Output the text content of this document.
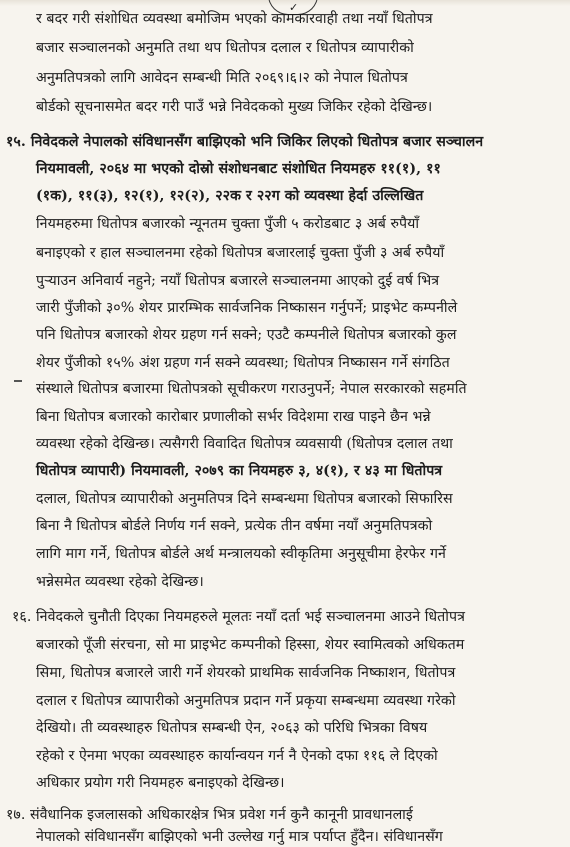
✓
र बदर गरी संशोधित व्यवस्था बमोजिम भएको कामकारवाही तथा नयाँ धितोपत्र
बजार सञ्चालनको अनुमति तथा थप धितोपत्र दलाल र धितोपत्र व्यापारीको
अनुमतिपत्रको लागि आवेदन सम्बन्धी मिति २०६९।६।२ को नेपाल धितोपत्र
बोर्डको सूचनासमेत बदर गरी पाउँ भन्ने निवेदकको मुख्य जिकिर रहेको देखिन्छ।
१५. निवेदकले नेपालको संविधानसँग बाझिएको भनि जिकिर लिएको धितोपत्र बजार सञ्चालन
नियमावली, २०६४ मा भएको दोस्रो संशोधनबाट संशोधित नियमहरु ११(१), ११
(१क), ११(३), १२(१), १२(२), २२क र २२ग को व्यवस्था हेर्दा उल्लिखित
नियमहरुमा धितोपत्र बजारको न्यूनतम चुक्ता पुँजी ५ करोडबाट ३ अर्ब रुपैयाँ
बनाइएको र हाल सञ्चालनमा रहेको धितोपत्र बजारलाई चुक्ता पुँजी ३ अर्ब रुपैयाँ
पुऱ्याउन अनिवार्य नहुने; नयाँ धितोपत्र बजारले सञ्चालनमा आएको दुई वर्ष भित्र
जारी पुँजीको ३०% शेयर प्रारम्भिक सार्वजनिक निष्कासन गर्नुपर्ने; प्राइभेट कम्पनीले
पनि धितोपत्र बजारको शेयर ग्रहण गर्न सक्ने; एउटै कम्पनीले धितोपत्र बजारको कुल
शेयर पुँजीको १५% अंश ग्रहण गर्न सक्ने व्यवस्था; धितोपत्र निष्कासन गर्ने संगठित
संस्थाले धितोपत्र बजारमा धितोपत्रको सूचीकरण गराउनुपर्ने; नेपाल सरकारको सहमति
बिना धितोपत्र बजारको कारोबार प्रणालीको सर्भर विदेशमा राख पाइने छैन भन्ने
व्यवस्था रहेको देखिन्छ। त्यसैगरी विवादित धितोपत्र व्यवसायी (धितोपत्र दलाल तथा
धितोपत्र व्यापारी) नियमावली, २०७९ का नियमहरु ३, ४(१), र ४३ मा धितोपत्र
दलाल, धितोपत्र व्यापारीको अनुमतिपत्र दिने सम्बन्धमा धितोपत्र बजारको सिफारिस
बिना नै धितोपत्र बोर्डले निर्णय गर्न सक्ने, प्रत्येक तीन वर्षमा नयाँ अनुमतिपत्रको
लागि माग गर्ने, धितोपत्र बोर्डले अर्थ मन्त्रालयको स्वीकृतिमा अनुसूचीमा हेरफेर गर्ने
भन्नेसमेत व्यवस्था रहेको देखिन्छ।
१६. निवेदकले चुनौती दिएका नियमहरुले मूलतः नयाँ दर्ता भई सञ्चालनमा आउने धितोपत्र
बजारको पूँजी संरचना, सो मा प्राइभेट कम्पनीको हिस्सा, शेयर स्वामित्वको अधिकतम
सिमा, धितोपत्र बजारले जारी गर्ने शेयरको प्राथमिक सार्वजनिक निष्काशन, धितोपत्र
दलाल र धितोपत्र व्यापारीको अनुमतिपत्र प्रदान गर्ने प्रकृया सम्बन्धमा व्यवस्था गरेको
देखियो। ती व्यवस्थाहरु धितोपत्र सम्बन्धी ऐन, २०६३ को परिधि भित्रका विषय
रहेको र ऐनमा भएका व्यवस्थाहरु कार्यान्वयन गर्न नै ऐनको दफा ११६ ले दिएको
अधिकार प्रयोग गरी नियमहरु बनाइएको देखिन्छ।
१७. संवैधानिक इजलासको अधिकारक्षेत्र भित्र प्रवेश गर्न कुनै कानूनी प्रावधानलाई
नेपालको संविधानसँग बाझिएको भनी उल्लेख गर्नु मात्र पर्याप्त हुँदैन। संविधानसँग
